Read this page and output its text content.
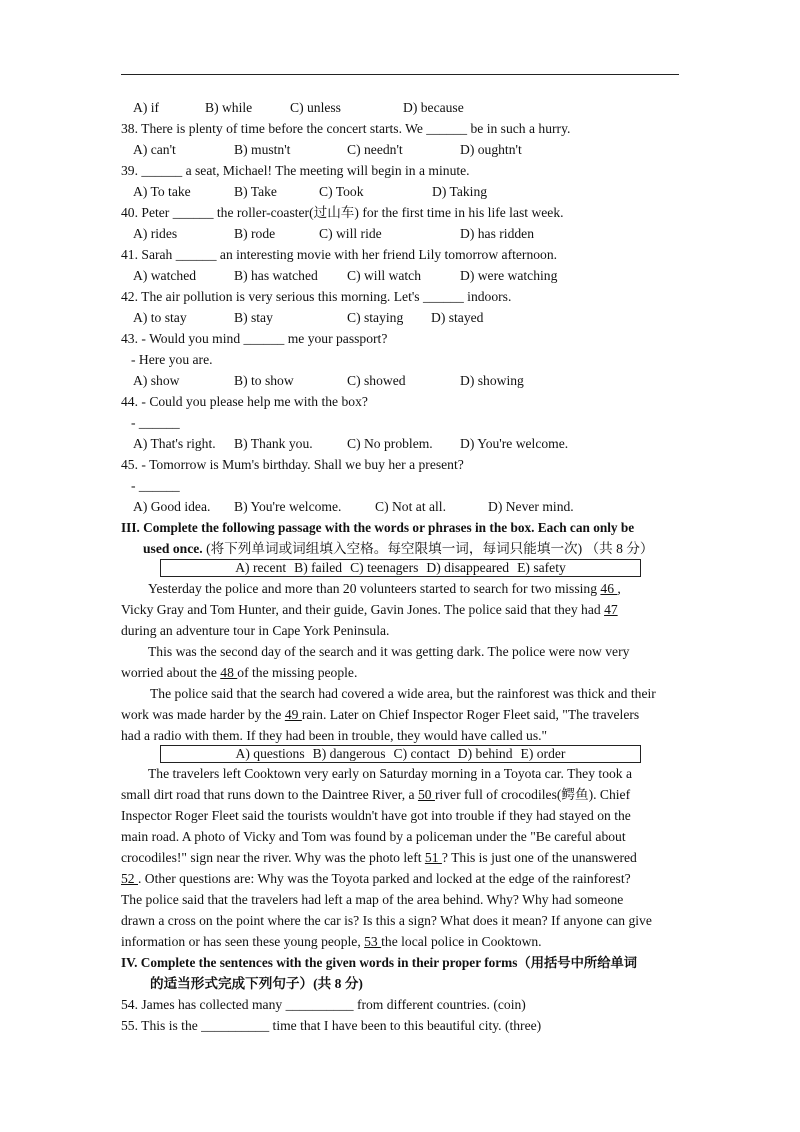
A) if	B) while	C) unless	D) because
38. There is plenty of time before the concert starts. We ______ be in such a hurry.
A) can't	B) mustn't	C) needn't	D) oughtn't
39. ______ a seat, Michael! The meeting will begin in a minute.
A) To take	B) Take	C) Took	D) Taking
40. Peter ______ the roller-coaster(过山车) for the first time in his life last week.
A) rides	B) rode	C) will ride	D) has ridden
41. Sarah ______ an interesting movie with her friend Lily tomorrow afternoon.
A) watched	B) has watched C) will watch	D) were watching
42. The air pollution is very serious this morning. Let's ______ indoors.
A) to stay	B) stay	C) staying D) stayed
43. - Would you mind ______ me your passport?
- Here you are.
A) show	B) to show	C) showed	D) showing
44. - Could you please help me with the box?
- ______
A) That's right. B) Thank you.	C) No problem. D) You're welcome.
45. - Tomorrow is Mum's birthday. Shall we buy her a present?
- ______
A) Good idea. B) You're welcome. C) Not at all.	D) Never mind.
III. Complete the following passage with the words or phrases in the box. Each can only be
used once. (将下列单词或词组填入空格。每空限填一词，每词只能填一次) （共 8 分）
A) recent B) failed C) teenagers D) disappeared E) safety
Yesterday the police and more than 20 volunteers started to search for two missing 46 ,
Vicky Gray and Tom Hunter, and their guide, Gavin Jones. The police said that they had 47
during an adventure tour in Cape York Peninsula.
This was the second day of the search and it was getting dark. The police were now very
worried about the 48 of the missing people.
The police said that the search had covered a wide area, but the rainforest was thick and their
work was made harder by the 49 rain. Later on Chief Inspector Roger Fleet said, "The travelers
had a radio with them. If they had been in trouble, they would have called us."
A) questions B) dangerous C) contact D) behind E) order
The travelers left Cooktown very early on Saturday morning in a Toyota car. They took a
small dirt road that runs down to the Daintree River, a 50 river full of crocodiles(鳄鱼). Chief
Inspector Roger Fleet said the tourists wouldn't have got into trouble if they had stayed on the
main road. A photo of Vicky and Tom was found by a policeman under the "Be careful about
crocodiles!" sign near the river. Why was the photo left 51 ? This is just one of the unanswered
52 . Other questions are: Why was the Toyota parked and locked at the edge of the rainforest?
The police said that the travelers had left a map of the area behind. Why? Why had someone
drawn a cross on the point where the car is? Is this a sign? What does it mean? If anyone can give
information or has seen these young people, 53 the local police in Cooktown.
IV. Complete the sentences with the given words in their proper forms（用括号中所给单词
的适当形式完成下列句子）(共 8 分)
54. James has collected many __________ from different countries. (coin)
55. This is the __________ time that I have been to this beautiful city. (three)
